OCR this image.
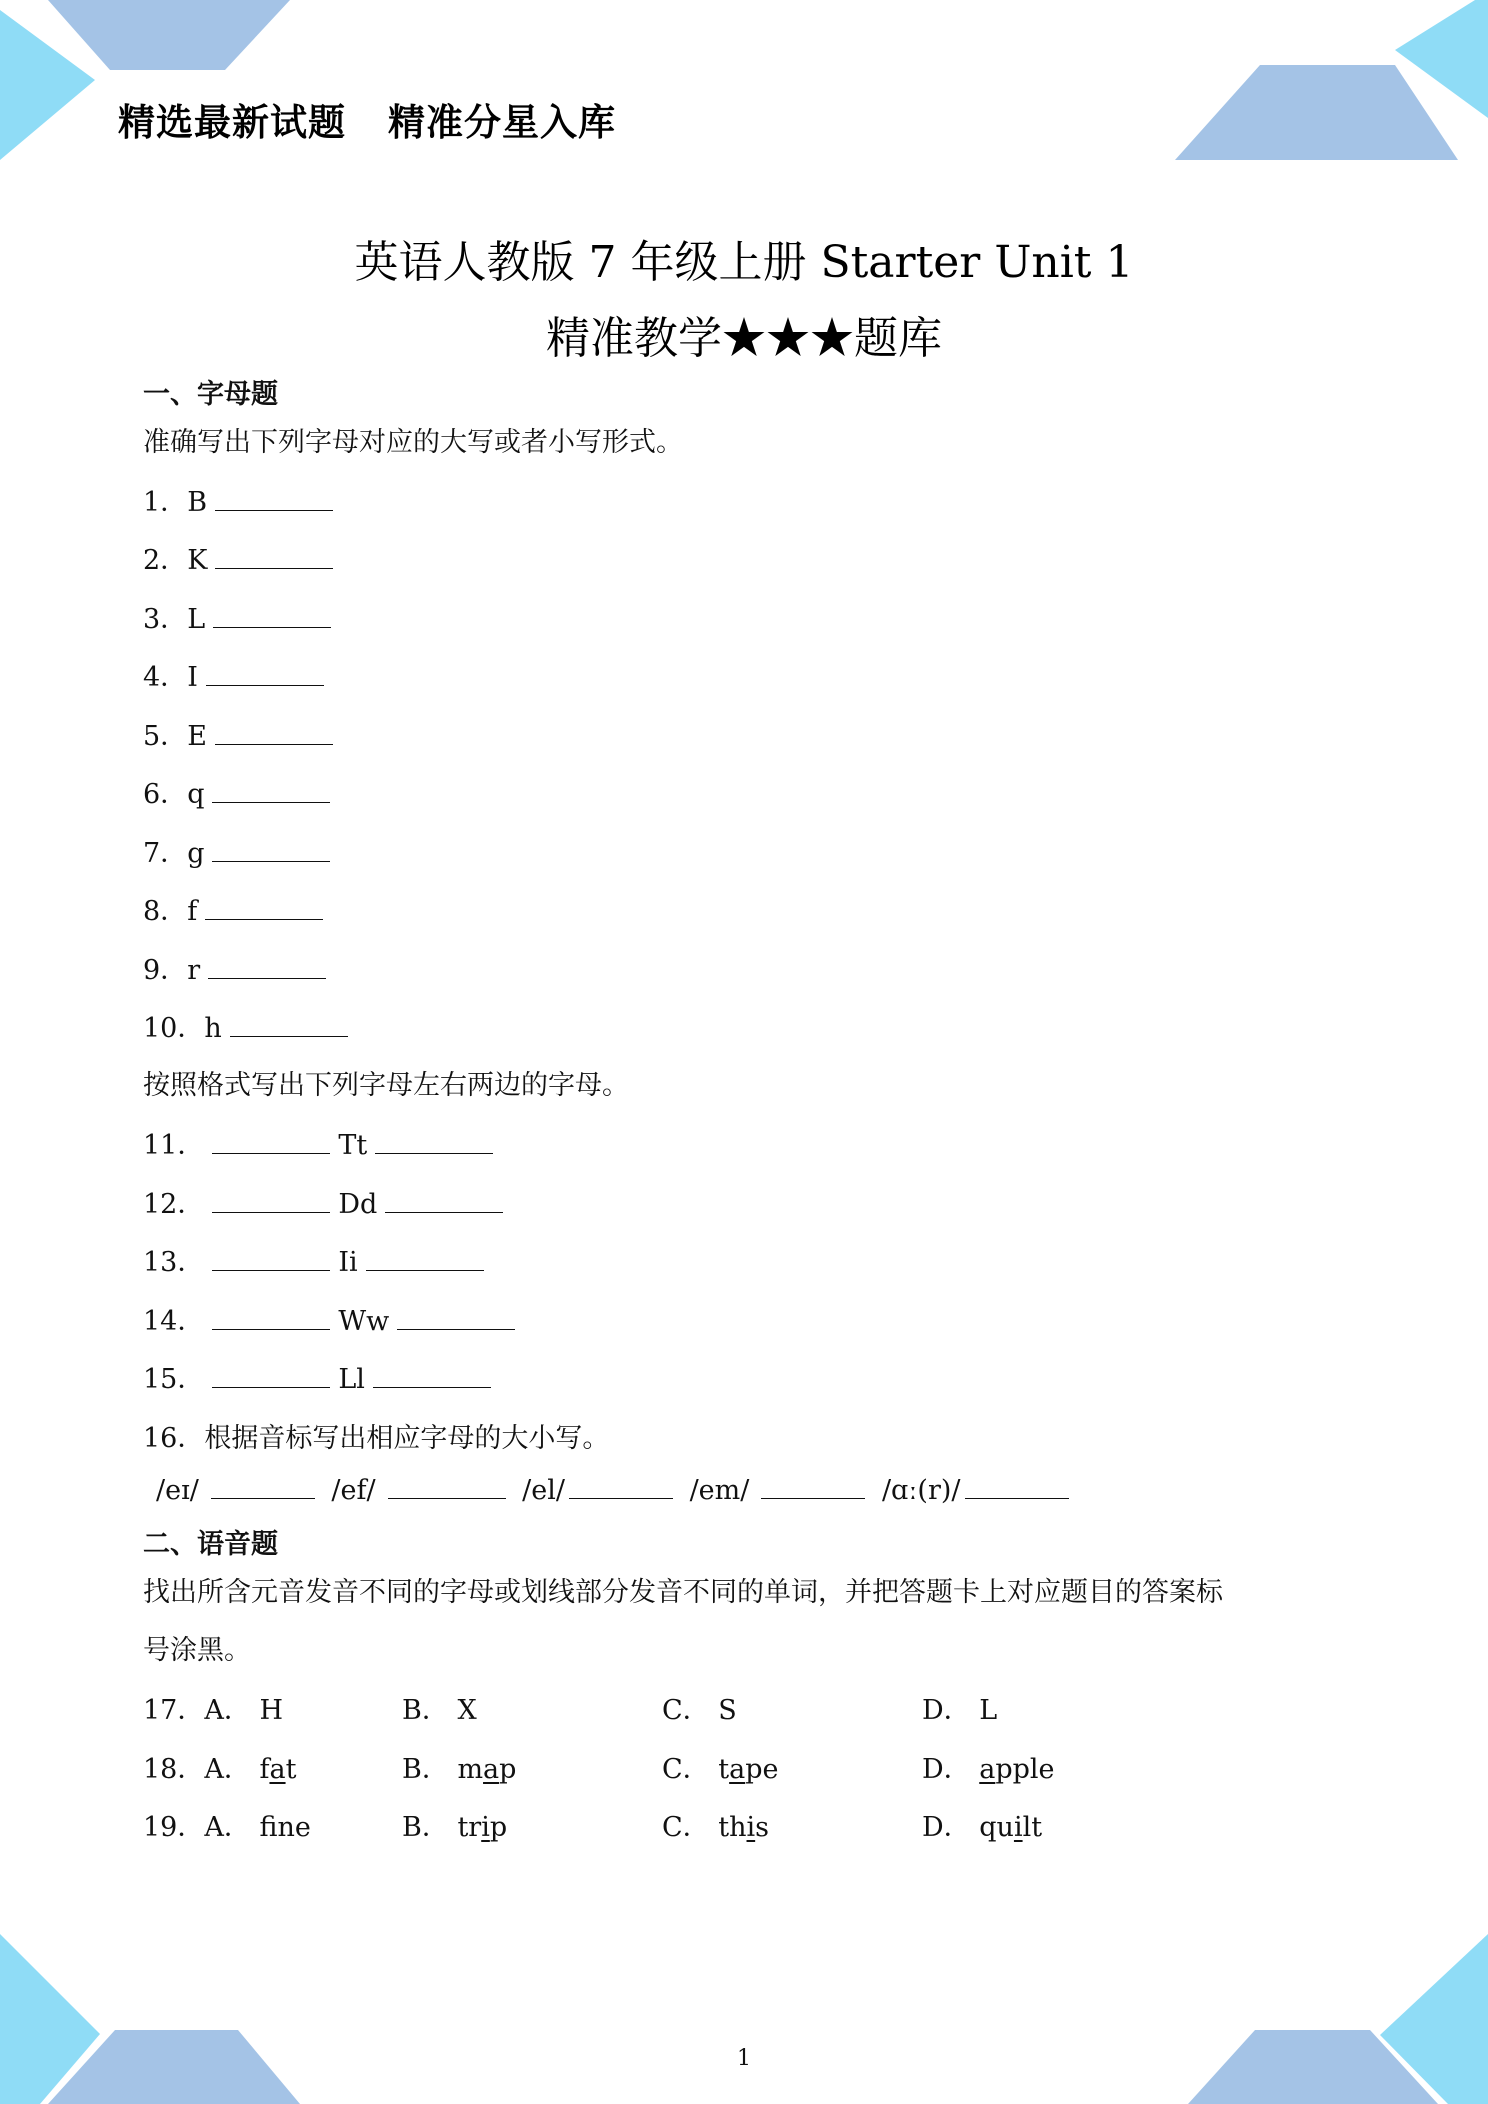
精选最新试题 精准分星入库
英语人教版 7 年级上册 Starter Unit 1
精准教学★★★题库
一、字母题
准确写出下列字母对应的大写或者小写形式。
1．B
2．K
3．L
4．I
5．E
6．q
7．g
8．f
9．r
10．h
按照格式写出下列字母左右两边的字母。
11．	Tt
12．	Dd
13．	Ii
14．	Ww
15．	Ll
16．根据音标写出相应字母的大小写。
/eɪ/	/ef/	/el/	/em/	/ɑː(r)/
二、语音题
找出所含元音发音不同的字母或划线部分发音不同的单词，并把答题卡上对应题目的答案标
号涂黑。
17．A． H	B． X	C． S	D． L
18．A． fat	B． map	C． tape	D． apple
19．A． fne	B． trip	C． this	D． quilt
1
